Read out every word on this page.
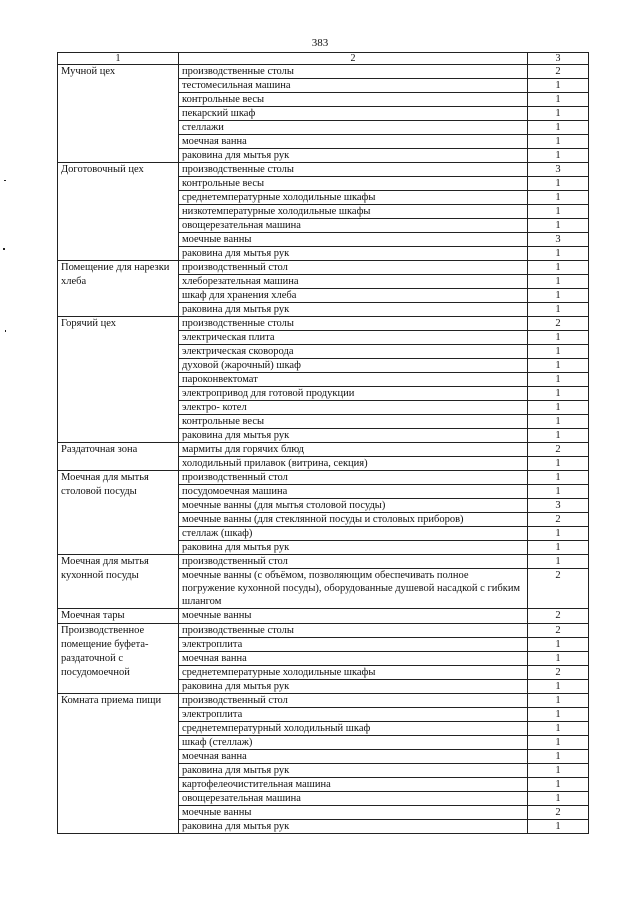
383
1	2	3
Мучной цех	производственные столы	2
	тестомесильная машина	1
	контрольные весы	1
	пекарский шкаф	1
	стеллажи	1
	моечная ванна	1
	раковина для мытья рук	1
Доготовочный цех	производственные столы	3
	контрольные весы	1
	среднетемпературные холодильные шкафы	1
	низкотемпературные холодильные шкафы	1
	овощерезательная машина	1
	моечные ванны	3
	раковина для мытья рук	1
Помещение для нарезки хлеба	производственный стол	1
	хлеборезательная машина	1
	шкаф для хранения хлеба	1
	раковина для мытья рук	1
Горячий цех	производственные столы	2
	электрическая плита	1
	электрическая сковорода	1
	духовой (жарочный) шкаф	1
	пароконвектомат	1
	электропривод для готовой продукции	1
	электро- котел	1
	контрольные весы	1
	раковина для мытья рук	1
Раздаточная зона	мармиты для горячих блюд	2
	холодильный прилавок (витрина, секция)	1
Моечная для мытья столовой посуды	производственный стол	1
	посудомоечная машина	1
	моечные ванны (для мытья столовой посуды)	3
	моечные ванны (для стеклянной посуды и столовых приборов)	2
	стеллаж (шкаф)	1
	раковина для мытья рук	1
Моечная для мытья кухонной посуды	производственный стол	1
	моечные ванны (с объёмом, позволяющим обеспечивать полное погружение кухонной посуды), оборудованные душевой насадкой с гибким шлангом	2
Моечная тары	моечные ванны	2
Производственное помещение буфета-раздаточной с посудомоечной	производственные столы	2
	электроплита	1
	моечная ванна	1
	среднетемпературные холодильные шкафы	2
	раковина для мытья рук	1
Комната приема пищи	производственный стол	1
	электроплита	1
	среднетемпературный холодильный шкаф	1
	шкаф (стеллаж)	1
	моечная ванна	1
	раковина для мытья рук	1
	картофелеочистительная машина	1
	овощерезательная машина	1
	моечные ванны	2
	раковина для мытья рук	1
